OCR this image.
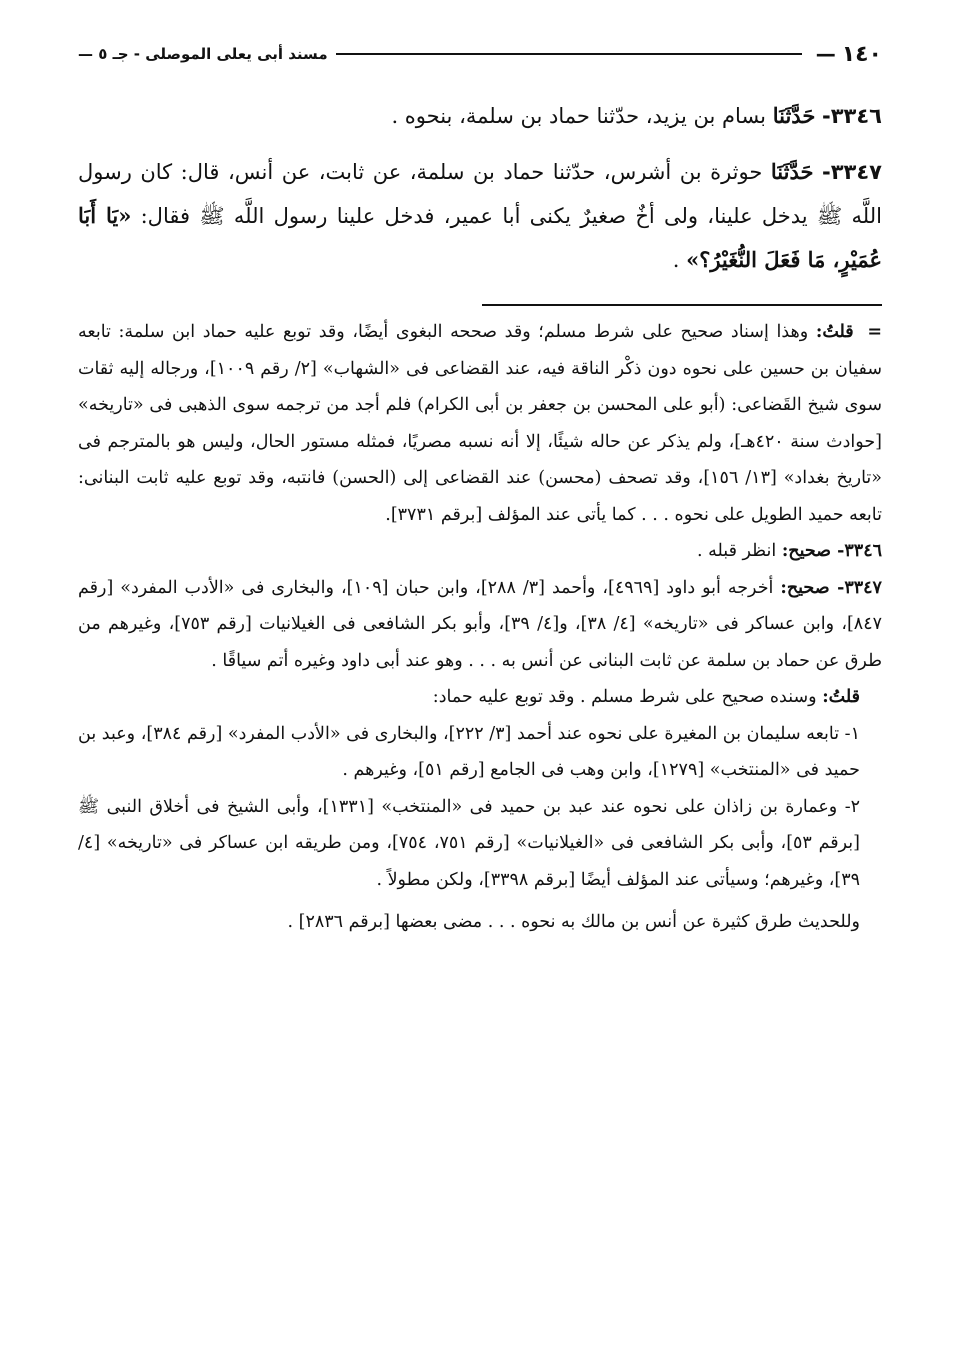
١٤٠
—
مسند أبى يعلى الموصلى - جـ ٥ —

٣٣٤٦- حَدَّثَنَا بسام بن يزيد، حدّثنا حماد بن سلمة، بنحوه .

٣٣٤٧- حَدَّثَنَا حوثرة بن أشرس، حدّثنا حماد بن سلمة، عن ثابت، عن أنس، قال: كان رسول اللَّه ﷺ يدخل علينا، ولى أخٌ صغيرٌ يكنى أبا عمير، فدخل علينا رسول اللَّه ﷺ فقال: «يَا أَبَا عُمَيْرٍ، مَا فَعَلَ النُّغَيْرُ؟» .

= قلتُ: وهذا إسناد صحيح على شرط مسلم؛ وقد صححه البغوى أيضًا، وقد توبع عليه حماد ابن سلمة: تابعه سفيان بن حسين على نحوه دون ذكْر الناقة فيه، عند القضاعى فى «الشهاب» [٢/ رقم ١٠٠٩]، ورجاله إليه ثقات سوى شيخ القَضاعى: (أبو على المحسن بن جعفر بن أبى الكرام) فلم أجد من ترجمه سوى الذهبى فى «تاريخه» [حوادث سنة ٤٢٠هـ]، ولم يذكر عن حاله شيئًا، إلا أنه نسبه مصريًا، فمثله مستور الحال، وليس هو بالمترجم فى «تاريخ بغداد» [١٣/ ١٥٦]، وقد تصحف (محسن) عند القضاعى إلى (الحسن) فانتبه، وقد توبع عليه ثابت البنانى: تابعه حميد الطويل على نحوه . . . كما يأتى عند المؤلف [برقم ٣٧٣١].

٣٣٤٦- صحيح: انظر قبله .

٣٣٤٧- صحيح: أخرجه أبو داود [٤٩٦٩]، وأحمد [٣/ ٢٨٨]، وابن حبان [١٠٩]، والبخارى فى «الأدب المفرد» [رقم ٨٤٧]، وابن عساكر فى «تاريخه» [٤/ ٣٨]، و[٤/ ٣٩]، وأبو بكر الشافعى فى الغيلانيات [رقم ٧٥٣]، وغيرهم من طرق عن حماد بن سلمة عن ثابت البنانى عن أنس به . . . وهو عند أبى داود وغيره أتم سياقًا .

قلتُ: وسنده صحيح على شرط مسلم . وقد توبع عليه حماد:

١- تابعه سليمان بن المغيرة على نحوه عند أحمد [٣/ ٢٢٢]، والبخارى فى «الأدب المفرد» [رقم ٣٨٤]، وعبد بن حميد فى «المنتخب» [١٢٧٩]، وابن وهب فى الجامع [رقم ٥١]، وغيرهم .

٢- وعمارة بن زاذان على نحوه عند عبد بن حميد فى «المنتخب» [١٣٣١]، وأبى الشيخ فى أخلاق النبى ﷺ [برقم ٥٣]، وأبى بكر الشافعى فى «الغيلانيات» [رقم ٧٥١، ٧٥٤]، ومن طريقه ابن عساكر فى «تاريخه» [٤/ ٣٩]، وغيرهم؛ وسيأتى عند المؤلف أيضًا [برقم ٣٣٩٨]، ولكن مطولاً .

وللحديث طرق كثيرة عن أنس بن مالك به نحوه . . . مضى بعضها [برقم ٢٨٣٦] .
